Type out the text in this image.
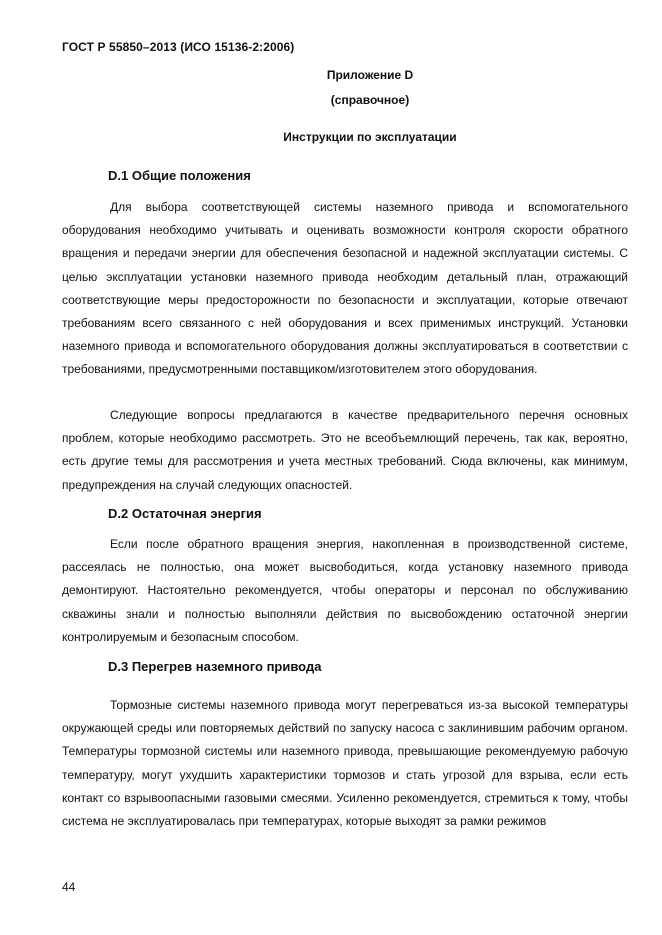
ГОСТ Р 55850–2013 (ИСО 15136-2:2006)
Приложение D
(справочное)
Инструкции по эксплуатации
D.1 Общие положения

Для выбора соответствующей системы наземного привода и вспомогательного оборудования необходимо учитывать и оценивать возможности контроля скорости обратного вращения и передачи энергии для обеспечения безопасной и надежной эксплуатации системы. С целью эксплуатации установки наземного привода необходим детальный план, отражающий соответствующие меры предосторожности по безопасности и эксплуатации, которые отвечают требованиям всего связанного с ней оборудования и всех применимых инструкций. Установки наземного привода и вспомогательного оборудования должны эксплуатироваться в соответствии с требованиями, предусмотренными поставщиком/изготовителем этого оборудования.

Следующие вопросы предлагаются в качестве предварительного перечня основных проблем, которые необходимо рассмотреть. Это не всеобъемлющий перечень, так как, вероятно, есть другие темы для рассмотрения и учета местных требований. Сюда включены, как минимум, предупреждения на случай следующих опасностей.

D.2 Остаточная энергия

Если после обратного вращения энергия, накопленная в производственной системе, рассеялась не полностью, она может высвободиться, когда установку наземного привода демонтируют. Настоятельно рекомендуется, чтобы операторы и персонал по обслуживанию скважины знали и полностью выполняли действия по высвобождению остаточной энергии контролируемым и безопасным способом.

D.3 Перегрев наземного привода

Тормозные системы наземного привода могут перегреваться из-за высокой температуры окружающей среды или повторяемых действий по запуску насоса с заклинившим рабочим органом. Температуры тормозной системы или наземного привода, превышающие рекомендуемую рабочую температуру, могут ухудшить характеристики тормозов и стать угрозой для взрыва, если есть контакт со взрывоопасными газовыми смесями. Усиленно рекомендуется, стремиться к тому, чтобы система не эксплуатировалась при температурах, которые выходят за рамки режимов

44
